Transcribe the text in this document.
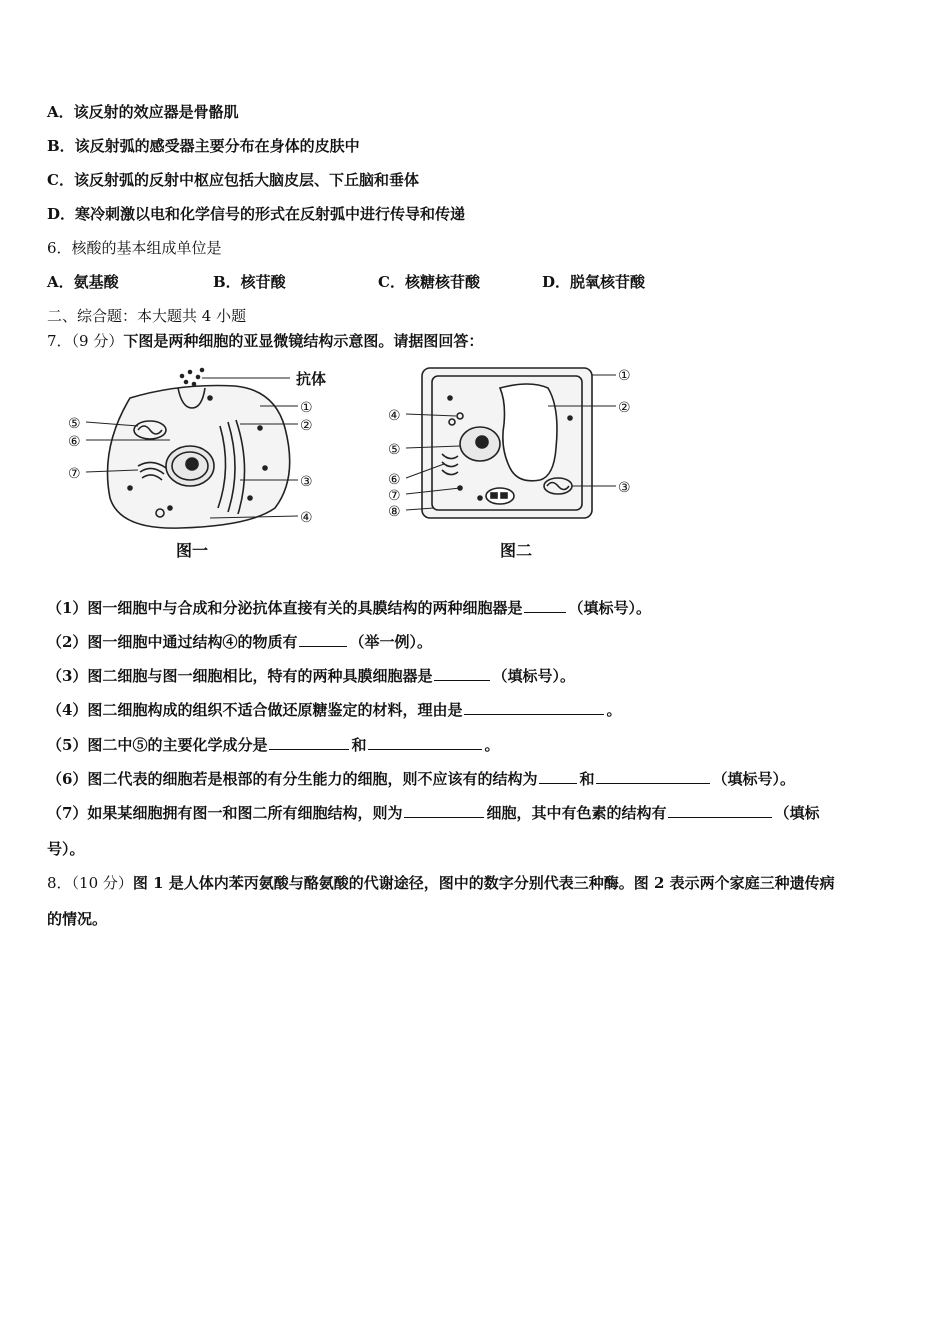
A．该反射的效应器是骨骼肌
B．该反射弧的感受器主要分布在身体的皮肤中
C．该反射弧的反射中枢应包括大脑皮层、下丘脑和垂体
D．寒冷刺激以电和化学信号的形式在反射弧中进行传导和传递
6．核酸的基本组成单位是
A．氨基酸	B．核苷酸	C．核糖核苷酸	D．脱氧核苷酸
二、综合题：本大题共 4 小题
7．（9 分）下图是两种细胞的亚显微镜结构示意图。请据图回答：
抗体
①
②
③
④
⑤
⑥
⑦
①
②
③
④
⑤
⑥
⑦
⑧
图一	图二
（1）图一细胞中与合成和分泌抗体直接有关的具膜结构的两种细胞器是	（填标号）。
（2）图一细胞中通过结构④的物质有	（举一例）。
（3）图二细胞与图一细胞相比，特有的两种具膜细胞器是	（填标号）。
（4）图二细胞构成的组织不适合做还原糖鉴定的材料，理由是	。
（5）图二中⑤的主要化学成分是	和	。
（6）图二代表的细胞若是根部的有分生能力的细胞，则不应该有的结构为	和	（填标号）。
（7）如果某细胞拥有图一和图二所有细胞结构，则为	细胞，其中有色素的结构有	（填标
号）。
8．（10 分）图 1 是人体内苯丙氨酸与酪氨酸的代谢途径，图中的数字分别代表三种酶。图 2 表示两个家庭三种遗传病
的情况。
